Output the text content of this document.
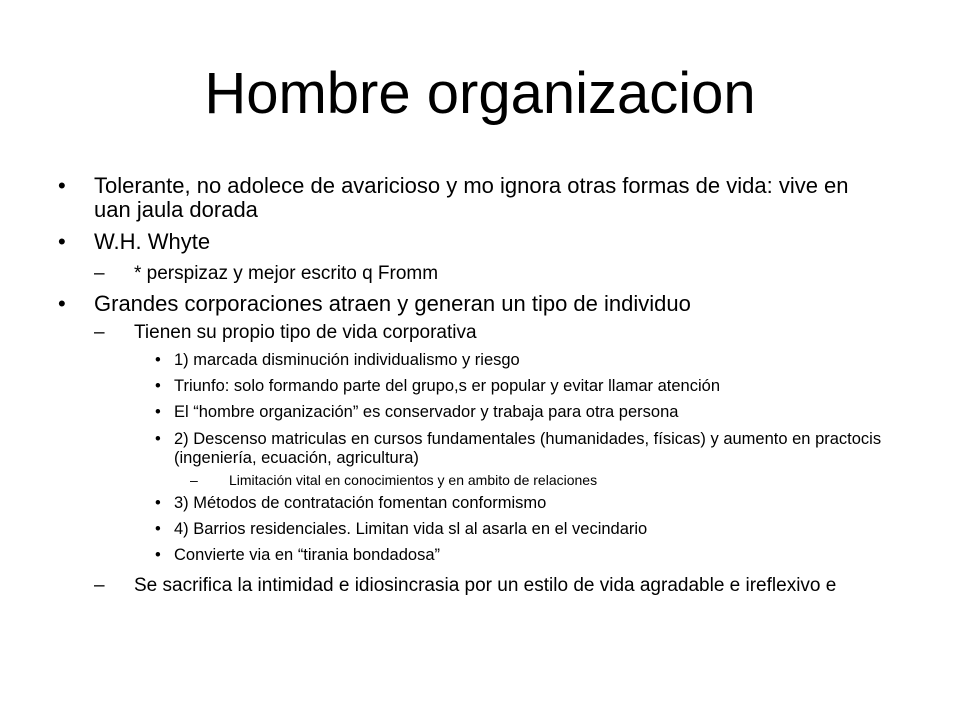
Hombre organizacion
• Tolerante, no adolece de avaricioso y mo ignora otras formas de vida: vive en uan jaula dorada

• W.H. Whyte

– * perspizaz y mejor escrito q Fromm

• Grandes corporaciones atraen y generan un tipo de individuo

– Tienen su propio tipo de vida corporativa

• 1) marcada disminución individualismo y riesgo

• Triunfo: solo formando parte del grupo,s er popular y evitar llamar atención

• El “hombre organización” es conservador y trabaja para otra persona

• 2) Descenso matriculas en cursos fundamentales (humanidades, físicas) y aumento en practocis (ingeniería, ecuación, agricultura)

– Limitación vital en conocimientos y en ambito de relaciones

• 3) Métodos de contratación fomentan conformismo

• 4) Barrios residenciales. Limitan vida sl al asarla en el vecindario

• Convierte via en “tirania bondadosa”

– Se sacrifica la intimidad e idiosincrasia por un estilo de vida agradable e ireflexivo e
